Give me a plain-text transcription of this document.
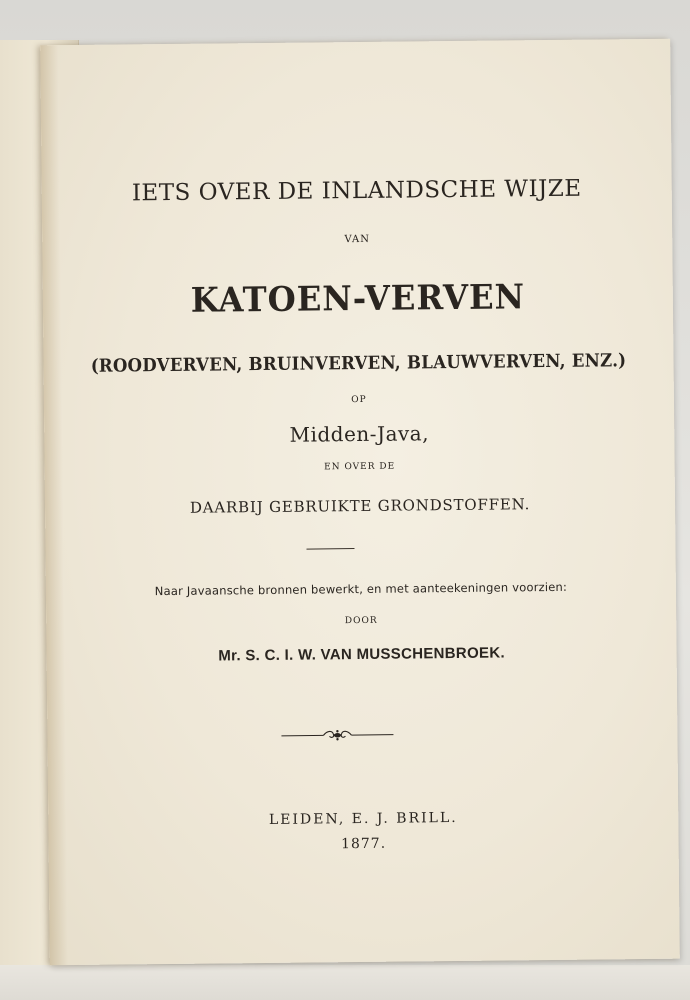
IETS OVER DE INLANDSCHE WIJZE
VAN
KATOEN-VERVEN
(ROODVERVEN, BRUINVERVEN, BLAUWVERVEN, ENZ.)
OP
Midden-Java,
EN OVER DE
DAARBIJ GEBRUIKTE GRONDSTOFFEN.
Naar Javaansche bronnen bewerkt, en met aanteekeningen voorzien:
DOOR
Mr. S. C. I. W. VAN MUSSCHENBROEK.
LEIDEN, E. J. BRILL.
1877.
